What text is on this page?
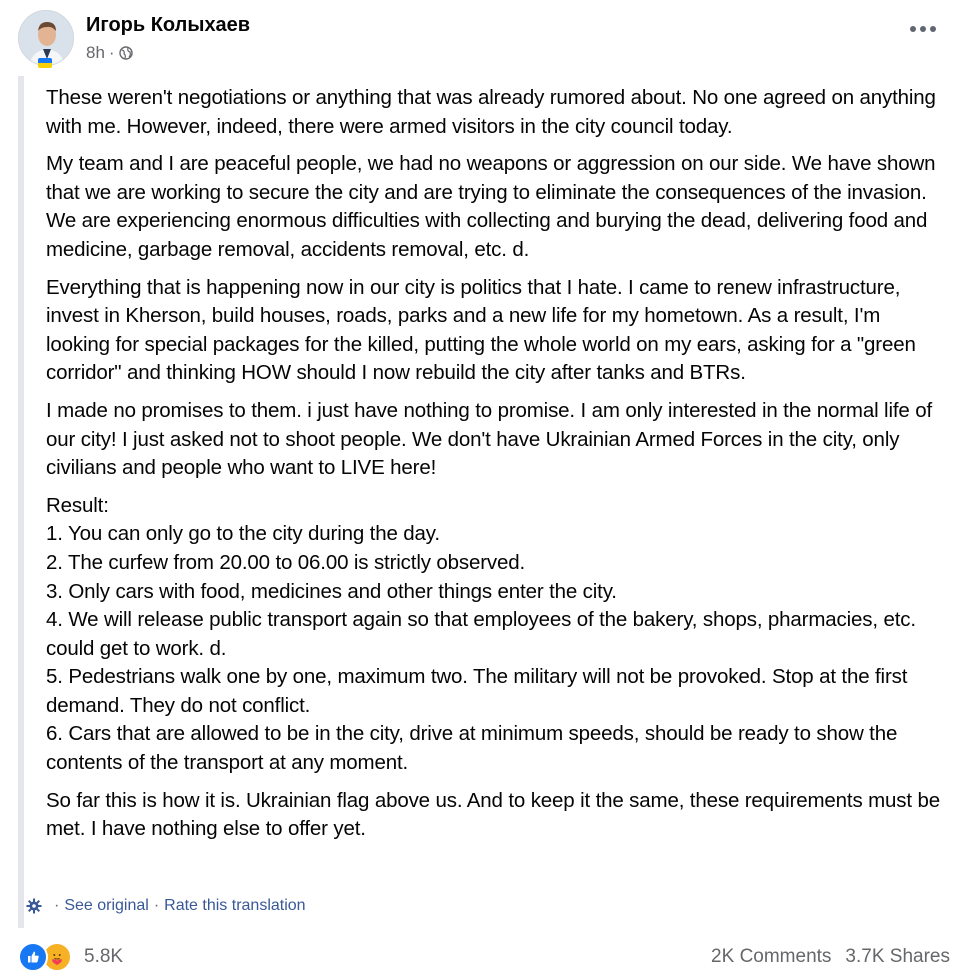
Игорь Колыхаев
8h ·

These weren't negotiations or anything that was already rumored about. No one agreed on anything with me. However, indeed, there were armed visitors in the city council today.

My team and I are peaceful people, we had no weapons or aggression on our side. We have shown that we are working to secure the city and are trying to eliminate the consequences of the invasion. We are experiencing enormous difficulties with collecting and burying the dead, delivering food and medicine, garbage removal, accidents removal, etc. d.

Everything that is happening now in our city is politics that I hate. I came to renew infrastructure, invest in Kherson, build houses, roads, parks and a new life for my hometown. As a result, I'm looking for special packages for the killed, putting the whole world on my ears, asking for a "green corridor" and thinking HOW should I now rebuild the city after tanks and BTRs.

I made no promises to them. i just have nothing to promise. I am only interested in the normal life of our city! I just asked not to shoot people. We don't have Ukrainian Armed Forces in the city, only civilians and people who want to LIVE here!

Result:
1. You can only go to the city during the day.
2. The curfew from 20.00 to 06.00 is strictly observed.
3. Only cars with food, medicines and other things enter the city.
4. We will release public transport again so that employees of the bakery, shops, pharmacies, etc. could get to work. d.
5. Pedestrians walk one by one, maximum two. The military will not be provoked. Stop at the first demand. They do not conflict.
6. Cars that are allowed to be in the city, drive at minimum speeds, should be ready to show the contents of the transport at any moment.

So far this is how it is. Ukrainian flag above us. And to keep it the same, these requirements must be met. I have nothing else to offer yet.

· See original · Rate this translation
5.8K	2K Comments 3.7K Shares
